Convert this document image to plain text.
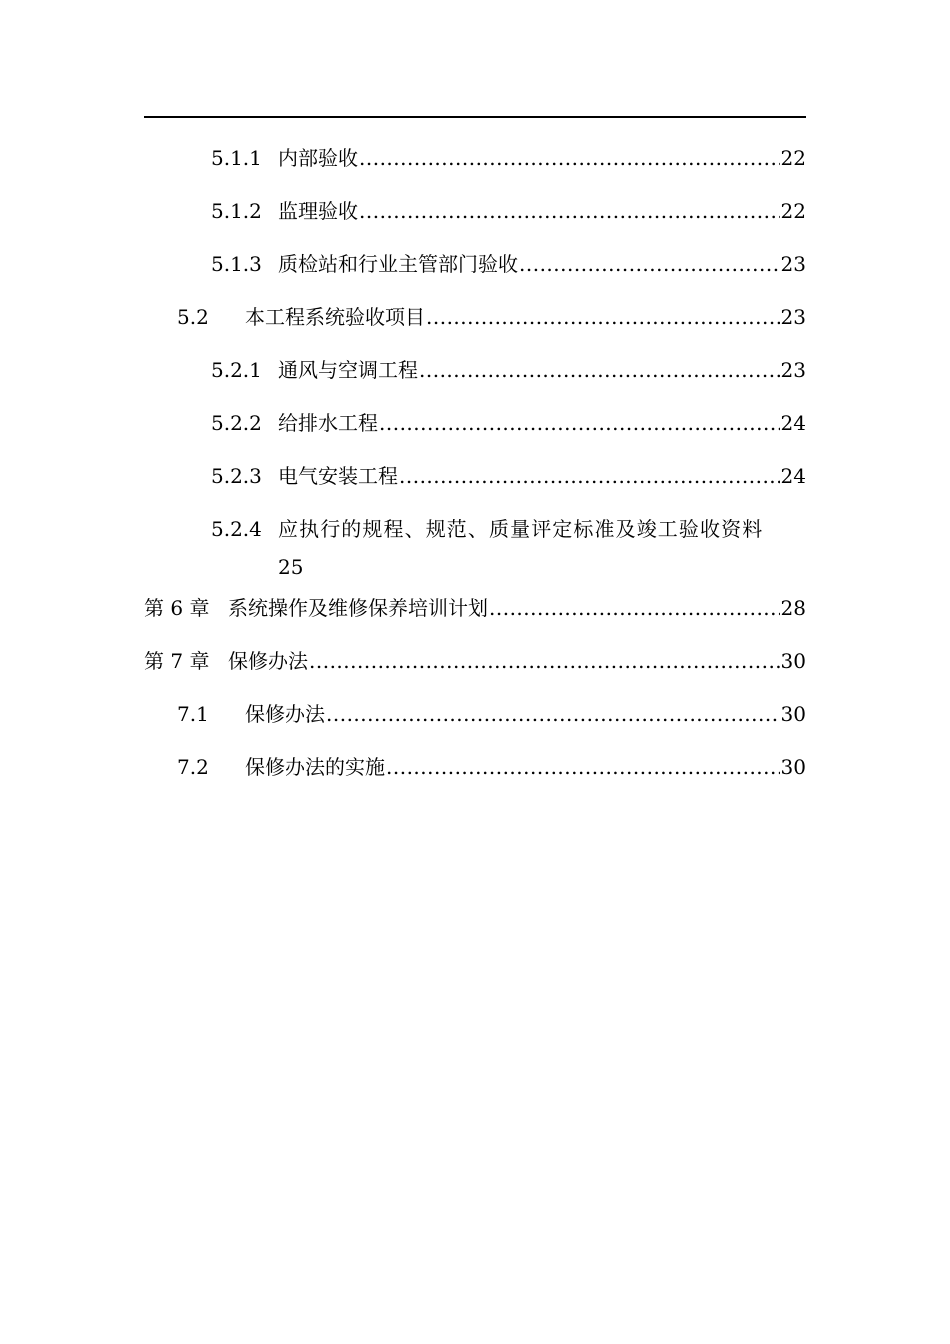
5.1.1 内部验收 .....	22
5.1.2 监理验收 .....	22
5.1.3 质检站和行业主管部门验收 .....	23
5.2	本工程系统验收项目 .....	23
5.2.1 通风与空调工程 .....	23
5.2.2 给排水工程 .....	24
5.2.3 电气安装工程 .....	24
5.2.4 应执行的规程、规范、质量评定标准及竣工验收资料
25
第 6 章 系统操作及维修保养培训计划 .....	28
第 7 章 保修办法 .....	30
7.1	保修办法 .....	30
7.2	保修办法的实施 .....	30
